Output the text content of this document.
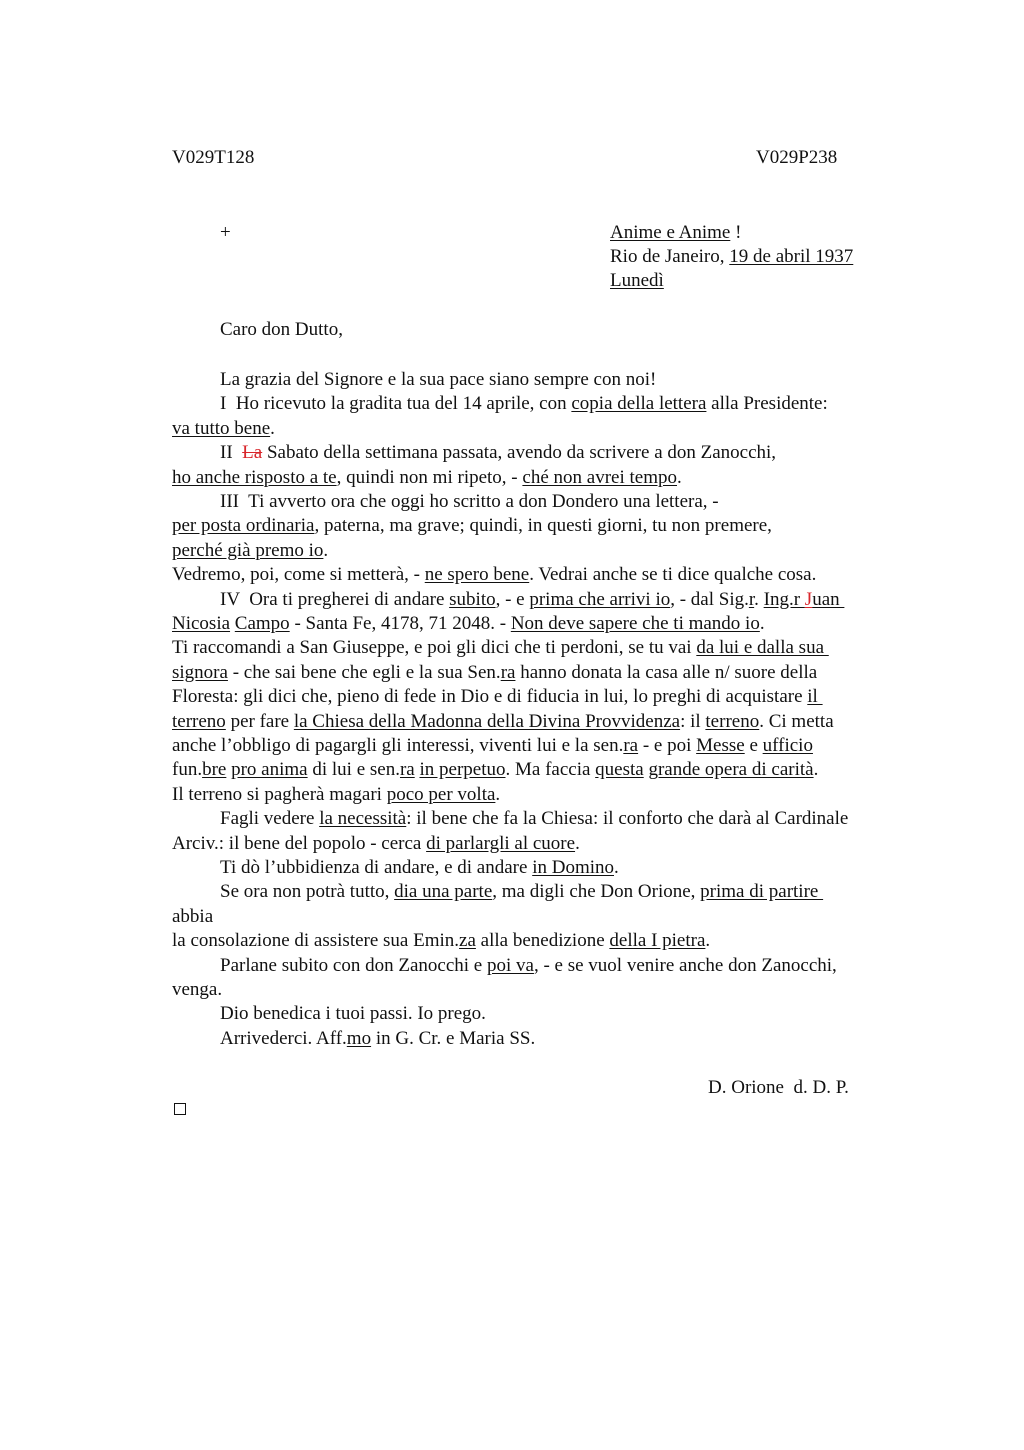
V029T128	V029P238
+	Anime e Anime !
Rio de Janeiro, 19 de abril 1937
Lunedì
Caro don Dutto,
La grazia del Signore e la sua pace siano sempre con noi!
I  Ho ricevuto la gradita tua del 14 aprile, con copia della lettera alla Presidente:
va tutto bene.
II  La Sabato della settimana passata, avendo da scrivere a don Zanocchi,
ho anche risposto a te, quindi non mi ripeto, - ché non avrei tempo.
III  Ti avverto ora che oggi ho scritto a don Dondero una lettera, -
per posta ordinaria, paterna, ma grave; quindi, in questi giorni, tu non premere,
perché già premo io.
Vedremo, poi, come si metterà, - ne spero bene. Vedrai anche se ti dice qualche cosa.
IV  Ora ti pregherei di andare subito, - e prima che arrivi io, - dal Sig.r. Ing.r Juan
Nicosia Campo - Santa Fe, 4178, 71 2048. - Non deve sapere che ti mando io.
Ti raccomandi a San Giuseppe, e poi gli dici che ti perdoni, se tu vai da lui e dalla sua
signora - che sai bene che egli e la sua Sen.ra hanno donata la casa alle n/ suore della
Floresta: gli dici che, pieno di fede in Dio e di fiducia in lui, lo preghi di acquistare il
terreno per fare la Chiesa della Madonna della Divina Provvidenza: il terreno. Ci metta
anche l’obbligo di pagargli gli interessi, viventi lui e la sen.ra - e poi Messe e ufficio
fun.bre pro anima di lui e sen.ra in perpetuo. Ma faccia questa grande opera di carità.
Il terreno si pagherà magari poco per volta.
Fagli vedere la necessità: il bene che fa la Chiesa: il conforto che darà al Cardinale
Arciv.: il bene del popolo - cerca di parlargli al cuore.
Ti dò l’ubbidienza di andare, e di andare in Domino.
Se ora non potrà tutto, dia una parte, ma digli che Don Orione, prima di partire
abbia
la consolazione di assistere sua Emin.za alla benedizione della I pietra.
Parlane subito con don Zanocchi e poi va, - e se vuol venire anche don Zanocchi,
venga.
Dio benedica i tuoi passi. Io prego.
Arrivederci. Aff.mo in G. Cr. e Maria SS.
D. Orione  d. D. P.
